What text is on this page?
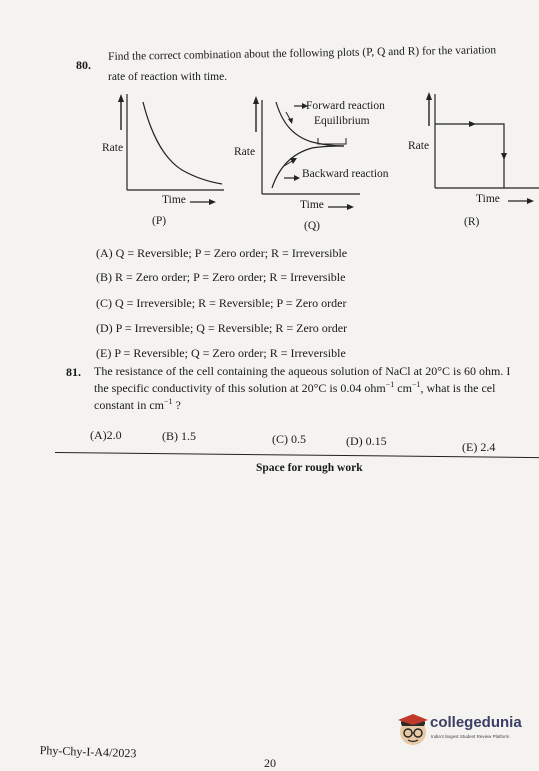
80.
Find the correct combination about the following plots (P, Q and R) for the variation
rate of reaction with time.
Rate
Time
(P)
Forward reaction
Equilibrium
Backward reaction
Rate
Time
(Q)
Rate
Time
(R)
(A) Q = Reversible; P = Zero order; R = Irreversible
(B) R = Zero order; P = Zero order; R = Irreversible
(C) Q = Irreversible; R = Reversible; P = Zero order
(D) P = Irreversible; Q = Reversible; R = Zero order
(E) P = Reversible; Q = Zero order; R = Irreversible
81. The resistance of the cell containing the aqueous solution of NaCl at 20°C is 60 ohm. I
the specific conductivity of this solution at 20°C is 0.04 ohm$^{-1}$ $cm^{-1}$, what is the cel
constant in $cm^{-1}$ ?
(A)2.0	(B) 1.5	(C) 0.5	(D) 0.15	(E) 2.4
Space for rough work
collegedunia
India's largest Student Review Platform
Phy-Chy-I-A4/2023
20
